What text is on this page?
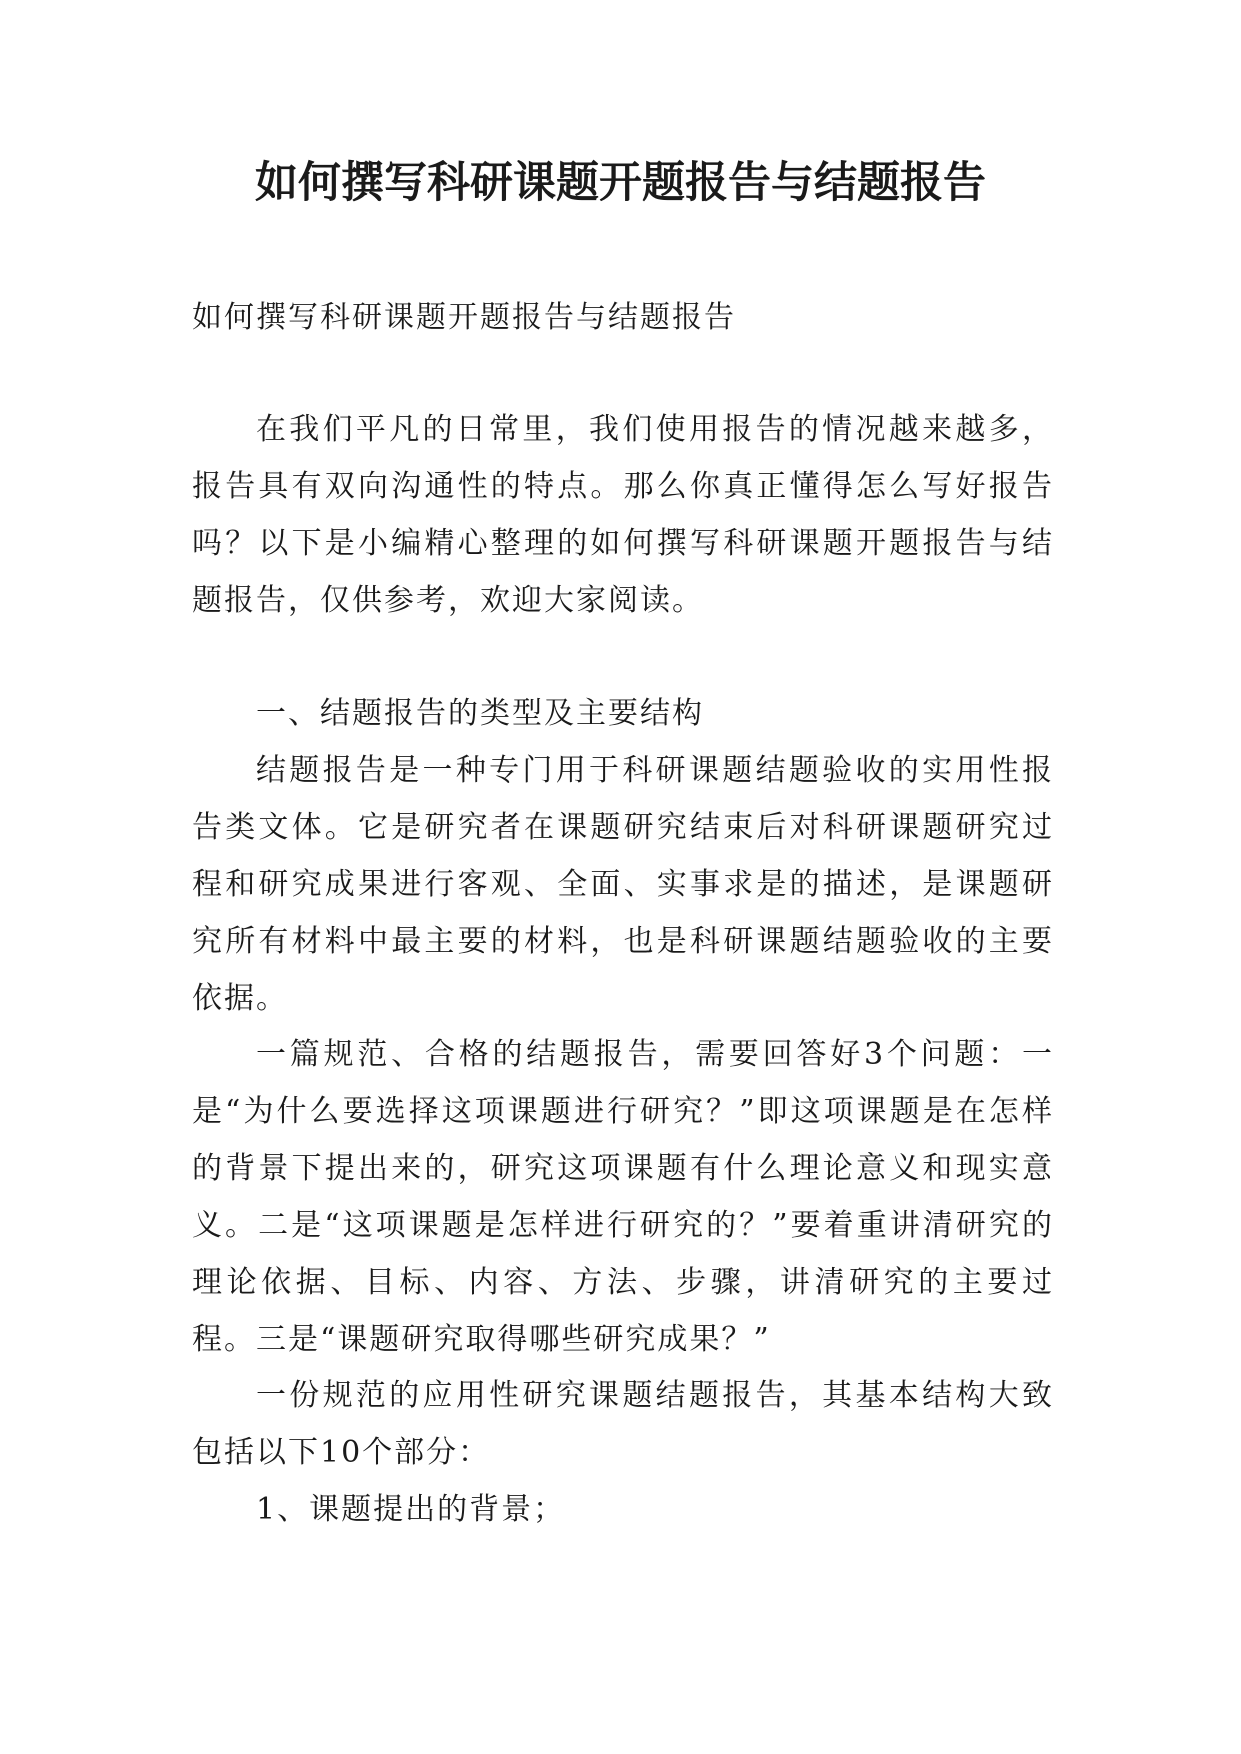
如何撰写科研课题开题报告与结题报告

如何撰写科研课题开题报告与结题报告

在我们平凡的日常里，我们使用报告的情况越来越多，报告具有双向沟通性的特点。那么你真正懂得怎么写好报告吗？以下是小编精心整理的如何撰写科研课题开题报告与结题报告，仅供参考，欢迎大家阅读。

一、结题报告的类型及主要结构

结题报告是一种专门用于科研课题结题验收的实用性报告类文体。它是研究者在课题研究结束后对科研课题研究过程和研究成果进行客观、全面、实事求是的描述，是课题研究所有材料中最主要的材料，也是科研课题结题验收的主要依据。

一篇规范、合格的结题报告，需要回答好3个问题：一是“为什么要选择这项课题进行研究？”即这项课题是在怎样的背景下提出来的，研究这项课题有什么理论意义和现实意义。二是“这项课题是怎样进行研究的？”要着重讲清研究的理论依据、目标、内容、方法、步骤，讲清研究的主要过程。三是“课题研究取得哪些研究成果？”

一份规范的应用性研究课题结题报告，其基本结构大致包括以下10个部分：

1、课题提出的背景；
